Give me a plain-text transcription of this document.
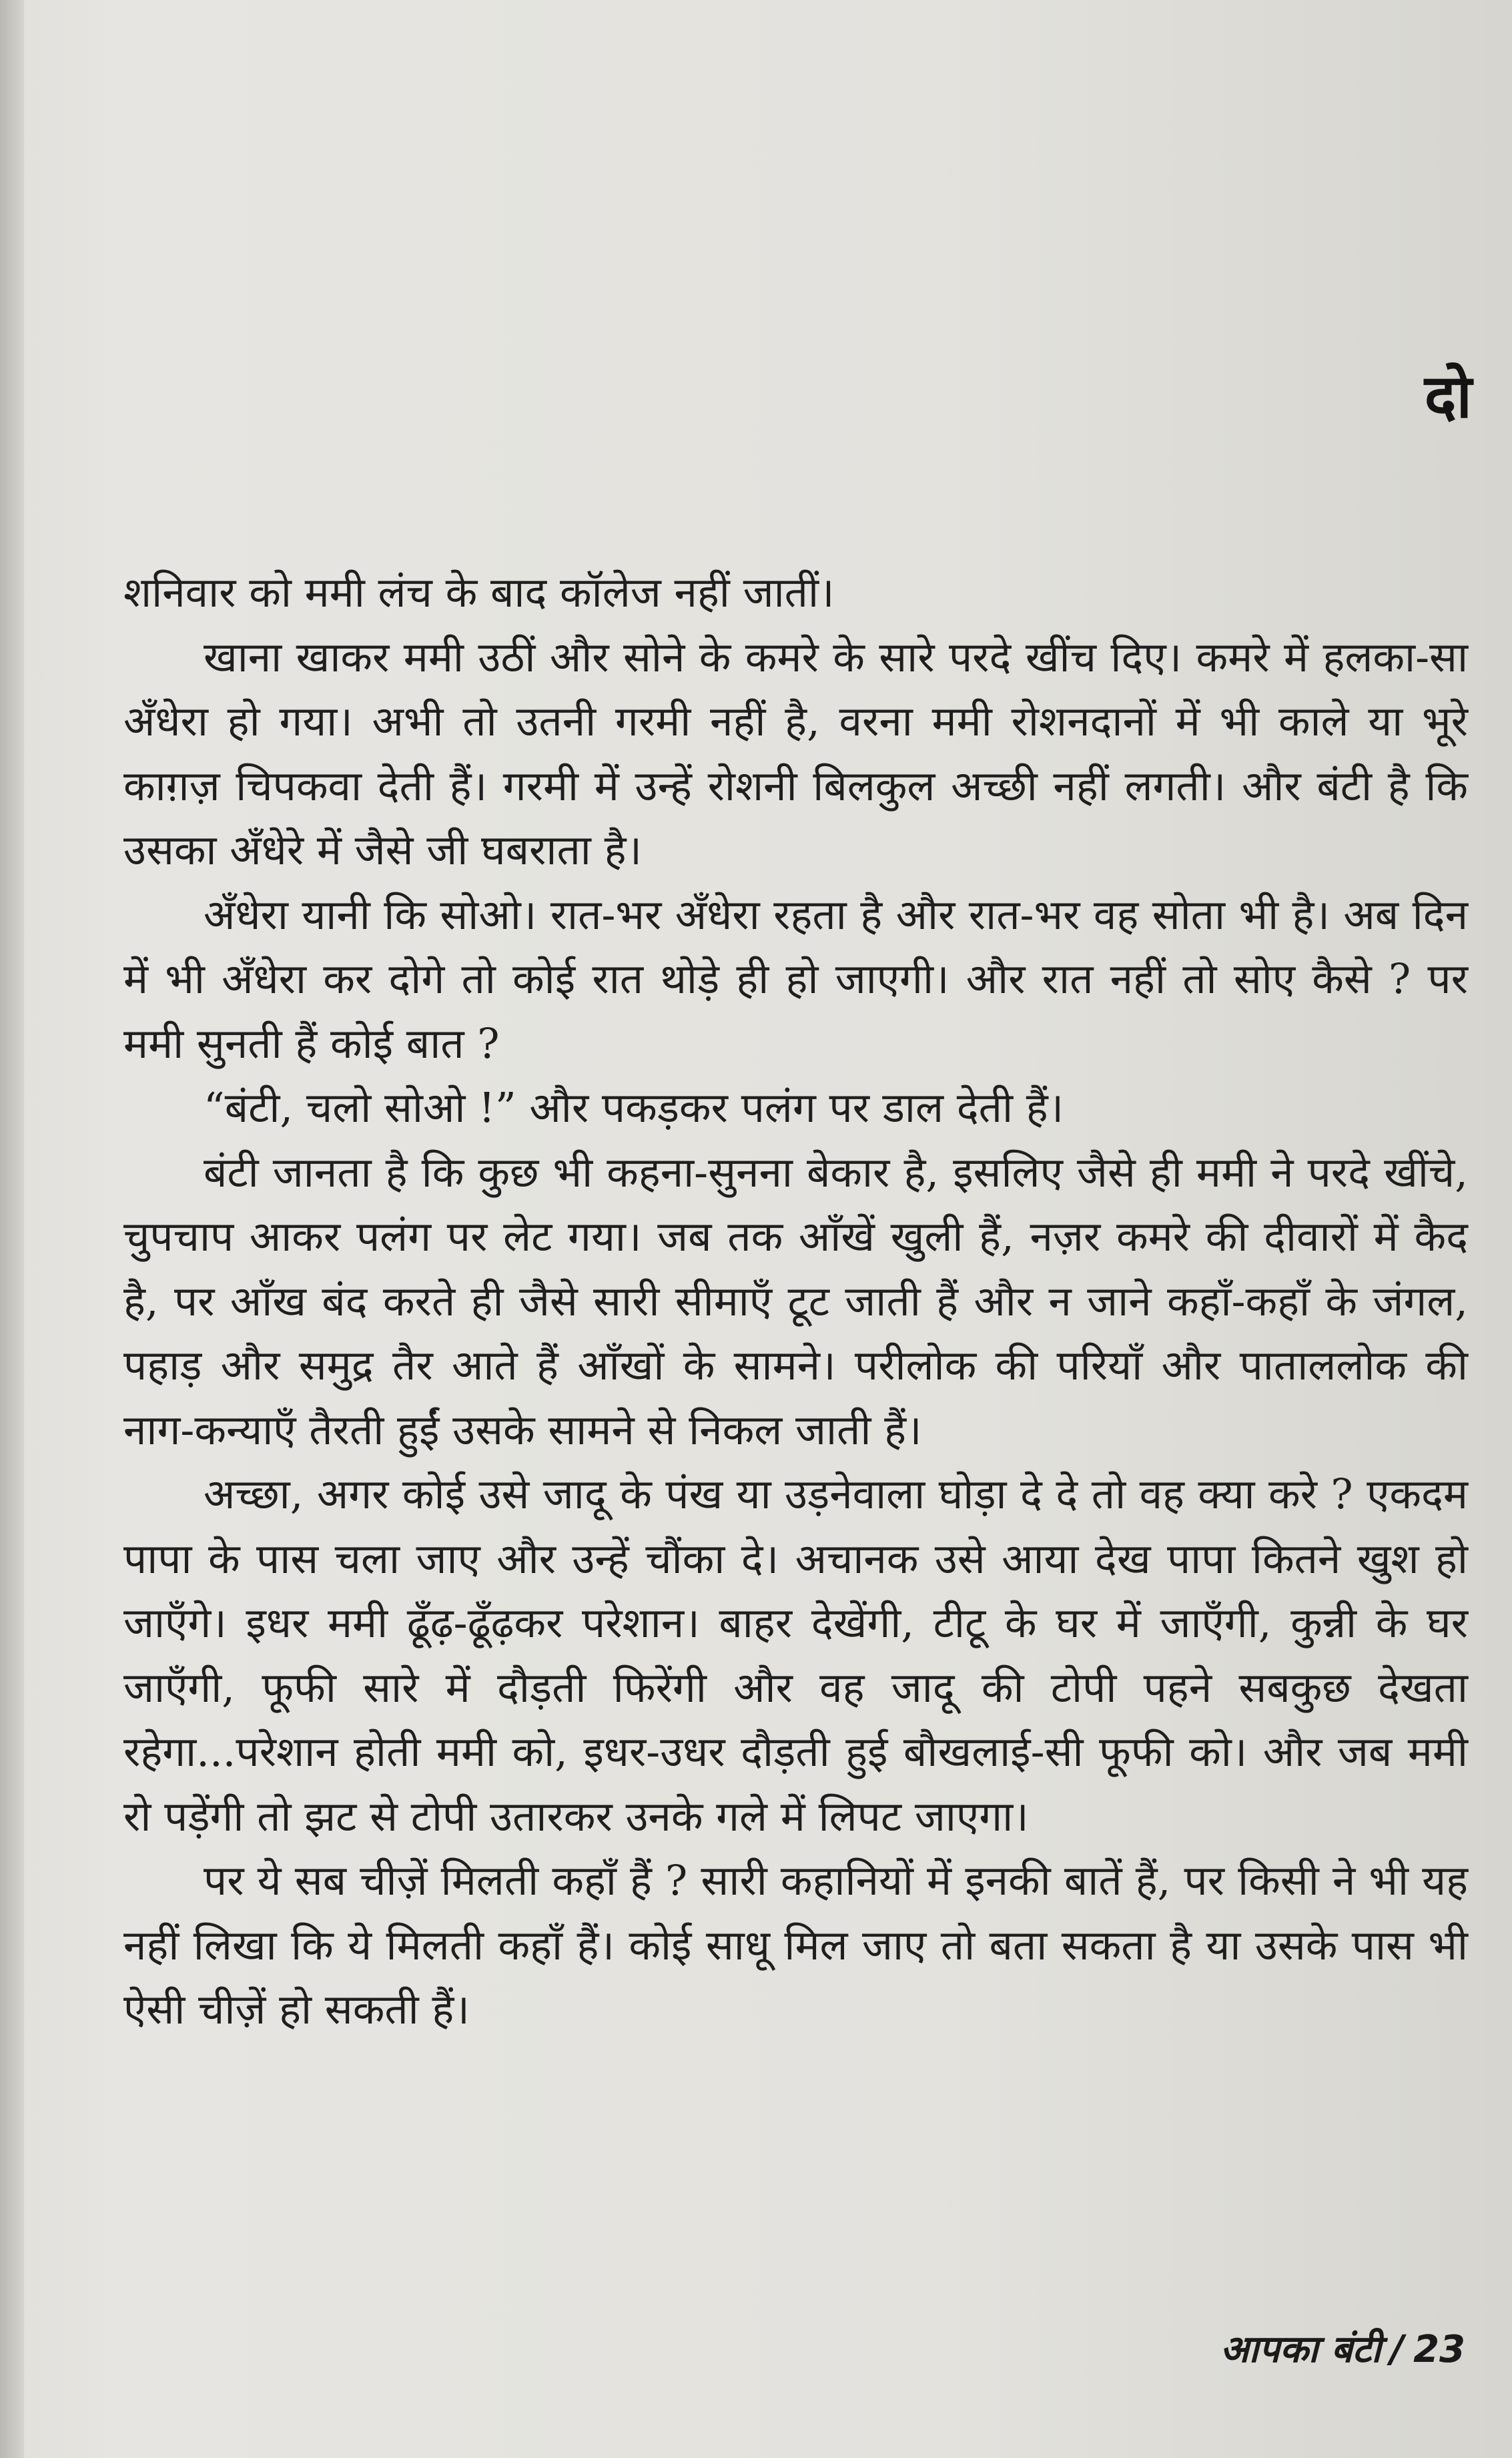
दो

शनिवार को ममी लंच के बाद कॉलेज नहीं जातीं।

खाना खाकर ममी उठीं और सोने के कमरे के सारे परदे खींच दिए। कमरे में हलका-सा अँधेरा हो गया। अभी तो उतनी गरमी नहीं है, वरना ममी रोशनदानों में भी काले या भूरे काग़ज़ चिपकवा देती हैं। गरमी में उन्हें रोशनी बिलकुल अच्छी नहीं लगती। और बंटी है कि उसका अँधेरे में जैसे जी घबराता है।

अँधेरा यानी कि सोओ। रात-भर अँधेरा रहता है और रात-भर वह सोता भी है। अब दिन में भी अँधेरा कर दोगे तो कोई रात थोड़े ही हो जाएगी। और रात नहीं तो सोए कैसे ? पर ममी सुनती हैं कोई बात ?

“बंटी, चलो सोओ !” और पकड़कर पलंग पर डाल देती हैं।

बंटी जानता है कि कुछ भी कहना-सुनना बेकार है, इसलिए जैसे ही ममी ने परदे खींचे, चुपचाप आकर पलंग पर लेट गया। जब तक आँखें खुली हैं, नज़र कमरे की दीवारों में कैद है, पर आँख बंद करते ही जैसे सारी सीमाएँ टूट जाती हैं और न जाने कहाँ-कहाँ के जंगल, पहाड़ और समुद्र तैर आते हैं आँखों के सामने। परीलोक की परियाँ और पाताललोक की नाग-कन्याएँ तैरती हुईं उसके सामने से निकल जाती हैं।

अच्छा, अगर कोई उसे जादू के पंख या उड़नेवाला घोड़ा दे दे तो वह क्या करे ? एकदम पापा के पास चला जाए और उन्हें चौंका दे। अचानक उसे आया देख पापा कितने खुश हो जाएँगे। इधर ममी ढूँढ़-ढूँढ़कर परेशान। बाहर देखेंगी, टीटू के घर में जाएँगी, कुन्नी के घर जाएँगी, फूफी सारे में दौड़ती फिरेंगी और वह जादू की टोपी पहने सबकुछ देखता रहेगा...परेशान होती ममी को, इधर-उधर दौड़ती हुई बौखलाई-सी फूफी को। और जब ममी रो पड़ेंगी तो झट से टोपी उतारकर उनके गले में लिपट जाएगा।

पर ये सब चीज़ें मिलती कहाँ हैं ? सारी कहानियों में इनकी बातें हैं, पर किसी ने भी यह नहीं लिखा कि ये मिलती कहाँ हैं। कोई साधू मिल जाए तो बता सकता है या उसके पास भी ऐसी चीज़ें हो सकती हैं।

आपका बंटी / 23
